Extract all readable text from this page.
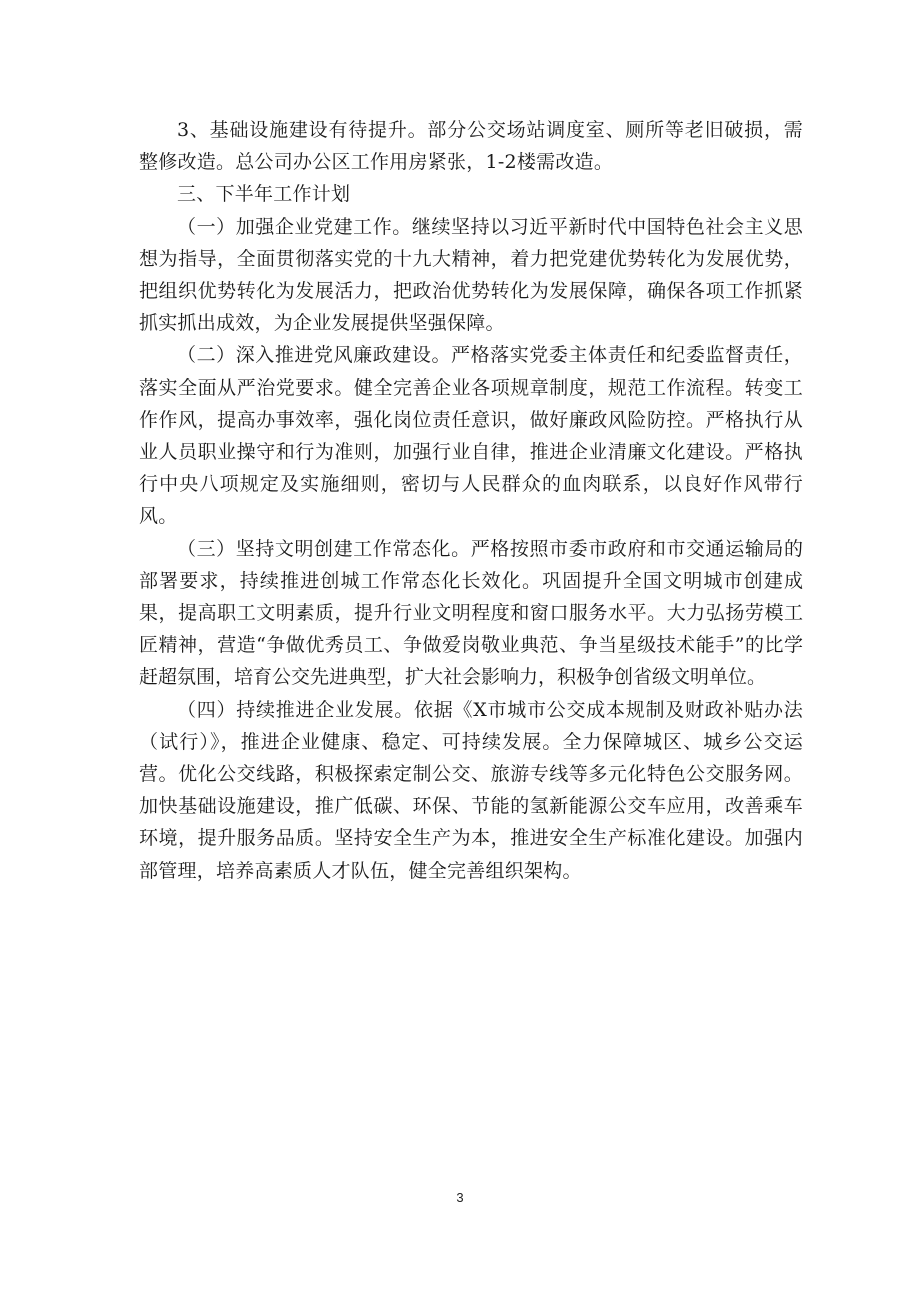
3、基础设施建设有待提升。部分公交场站调度室、厕所等老旧破损，需整修改造。总公司办公区工作用房紧张，1-2楼需改造。

三、下半年工作计划

（一）加强企业党建工作。继续坚持以习近平新时代中国特色社会主义思想为指导，全面贯彻落实党的十九大精神，着力把党建优势转化为发展优势，把组织优势转化为发展活力，把政治优势转化为发展保障，确保各项工作抓紧抓实抓出成效，为企业发展提供坚强保障。

（二）深入推进党风廉政建设。严格落实党委主体责任和纪委监督责任，落实全面从严治党要求。健全完善企业各项规章制度，规范工作流程。转变工作作风，提高办事效率，强化岗位责任意识，做好廉政风险防控。严格执行从业人员职业操守和行为准则，加强行业自律，推进企业清廉文化建设。严格执行中央八项规定及实施细则，密切与人民群众的血肉联系，以良好作风带行风。

（三）坚持文明创建工作常态化。严格按照市委市政府和市交通运输局的部署要求，持续推进创城工作常态化长效化。巩固提升全国文明城市创建成果，提高职工文明素质，提升行业文明程度和窗口服务水平。大力弘扬劳模工匠精神，营造“争做优秀员工、争做爱岗敬业典范、争当星级技术能手”的比学赶超氛围，培育公交先进典型，扩大社会影响力，积极争创省级文明单位。

（四）持续推进企业发展。依据《X市城市公交成本规制及财政补贴办法（试行）》，推进企业健康、稳定、可持续发展。全力保障城区、城乡公交运营。优化公交线路，积极探索定制公交、旅游专线等多元化特色公交服务网。加快基础设施建设，推广低碳、环保、节能的氢新能源公交车应用，改善乘车环境，提升服务品质。坚持安全生产为本，推进安全生产标准化建设。加强内部管理，培养高素质人才队伍，健全完善组织架构。

3
